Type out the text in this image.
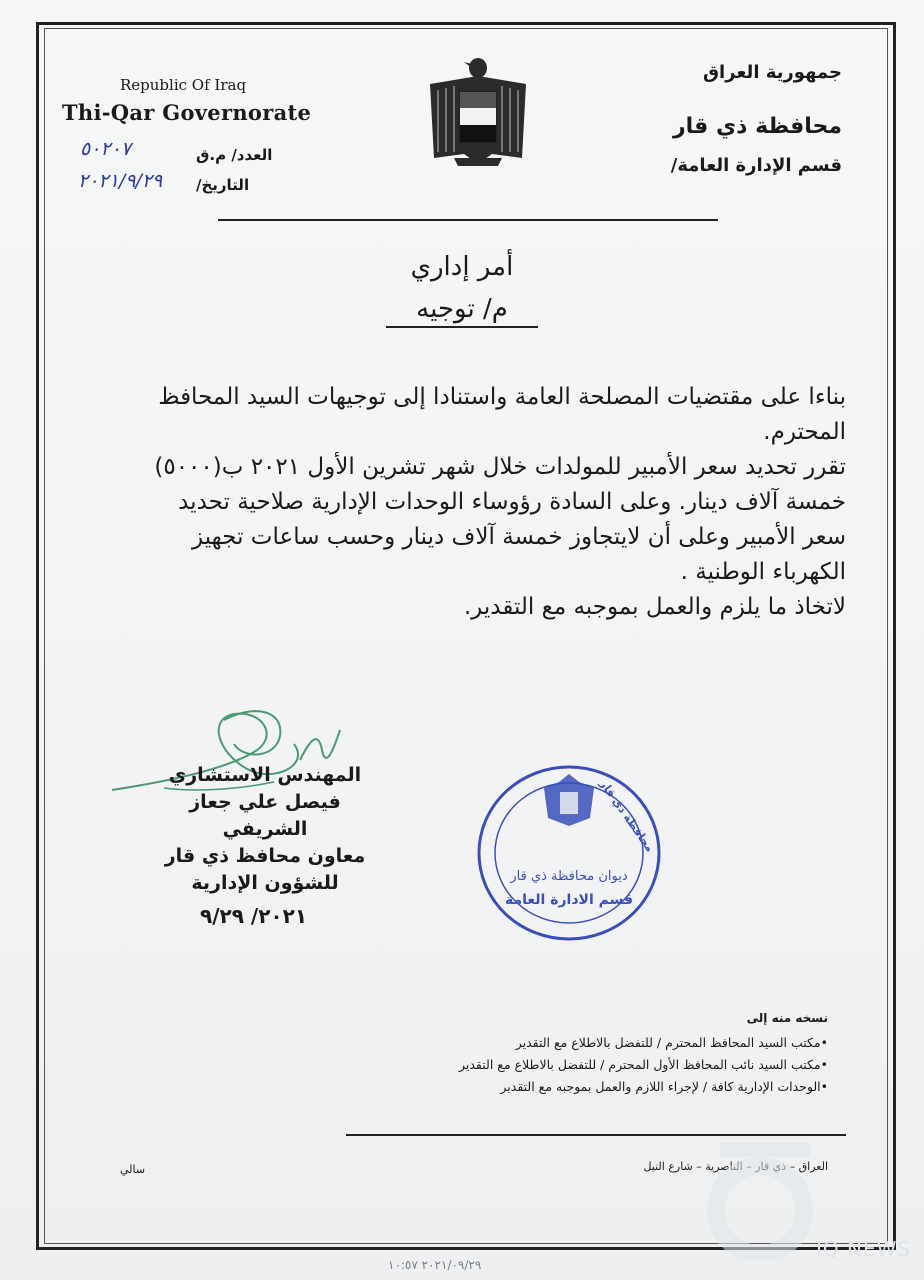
Republic Of Iraq
Thi-Qar Governorate
جمهورية العراق
محافظة ذي قار
قسم الإدارة العامة/
العدد/ م.ق
٥٠٢٠٧
التاريخ/
٢٠٢١/٩/٢٩
أمر إداري
م/ توجيه

بناءا على مقتضيات المصلحة العامة واستنادا إلى توجيهات السيد المحافظ المحترم.

تقرر تحديد سعر الأمبير للمولدات خلال شهر تشرين الأول ٢٠٢١ ب(٥٠٠٠) خمسة آلاف دينار. وعلى السادة رؤوساء الوحدات الإدارية صلاحية تحديد سعر الأمبير وعلى أن لايتجاوز خمسة آلاف دينار وحسب ساعات تجهيز الكهرباء الوطنية .

لاتخاذ ما يلزم والعمل بموجبه مع التقدير.

المهندس الاستشاري
فيصل علي جعاز الشريفي
معاون محافظ ذي قار
للشؤون الإدارية
٢٠٢١/ ٩/٢٩
ديوان محافظة ذي قار
قسم الادارة العامة
محافظة ذي قار
نسخه منه إلى
•مكتب السيد المحافظ المحترم / للتفضل بالاطلاع مع التقدير
•مكتب السيد نائب المحافظ الأول المحترم / للتفضل بالاطلاع مع التقدير
•الوحدات الإدارية كافة / لإجراء اللازم والعمل بموجبه مع التقدير
العراق – ذي قار – الناصرية – شارع النيل
سالي
IQ NEWS
٢٠٢١/٠٩/٢٩ ١٠:٥٧
